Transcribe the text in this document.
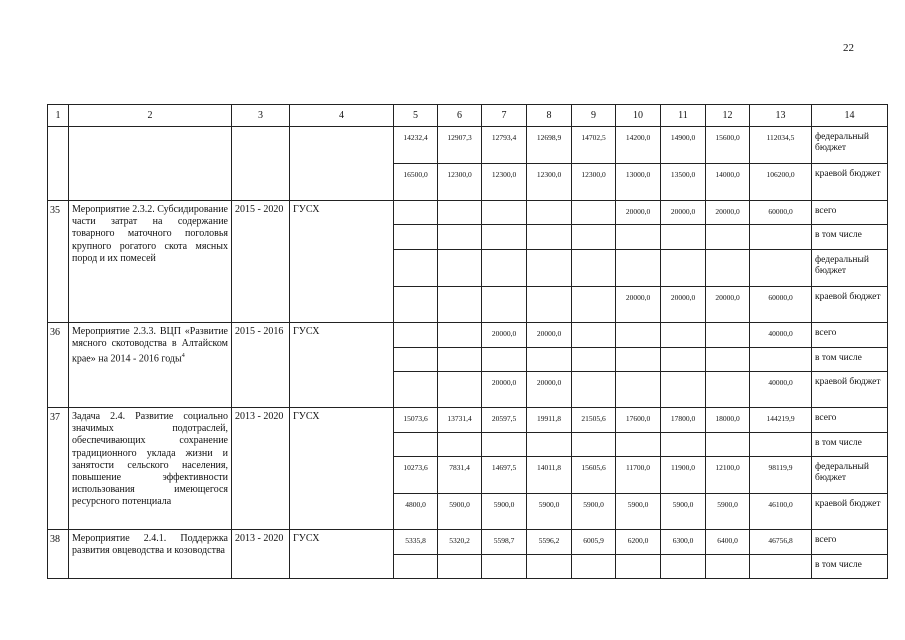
22
1	2	3	4	5	6	7	8	9	10	11	12	13	14
				14232,4	12907,3	12793,4	12698,9	14702,5	14200,0	14900,0	15600,0	112034,5	федеральный бюджет
				16500,0	12300,0	12300,0	12300,0	12300,0	13000,0	13500,0	14000,0	106200,0	краевой бюджет
35	Мероприятие 2.3.2. Субсидирование части затрат на содержание товарного маточного поголовья крупного рогатого скота мясных пород и их помесей	2015 - 2020	ГУСХ						20000,0	20000,0	20000,0	60000,0	всего
													в том числе
													федеральный бюджет
									20000,0	20000,0	20000,0	60000,0	краевой бюджет
36	Мероприятие 2.3.3. ВЦП «Развитие мясного скотоводства в Алтайском крае» на 2014 - 2016 годы$^4$	2015 - 2016	ГУСХ			20000,0	20000,0					40000,0	всего
													в том числе
						20000,0	20000,0					40000,0	краевой бюджет
37	Задача 2.4. Развитие социально значимых подотраслей, обеспечивающих сохранение традиционного уклада жизни и занятости сельского населения, повышение эффективности использования имеющегося ресурсного потенциала	2013 - 2020	ГУСХ	15073,6	13731,4	20597,5	19911,8	21505,6	17600,0	17800,0	18000,0	144219,9	всего
													в том числе
				10273,6	7831,4	14697,5	14011,8	15605,6	11700,0	11900,0	12100,0	98119,9	федеральный бюджет
				4800,0	5900,0	5900,0	5900,0	5900,0	5900,0	5900,0	5900,0	46100,0	краевой бюджет
38	Мероприятие 2.4.1. Поддержка развития овцеводства и козоводства	2013 - 2020	ГУСХ	5335,8	5320,2	5598,7	5596,2	6005,9	6200,0	6300,0	6400,0	46756,8	всего
													в том числе
